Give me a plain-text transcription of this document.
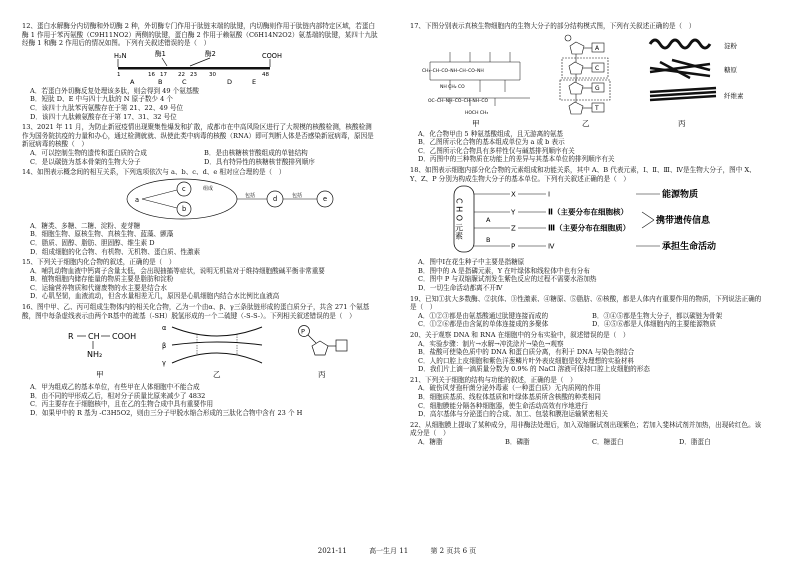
12、蛋白水解酶分内切酶和外切酶 2 种，外切酶专门作用于肽链末端的肽键，内切酶则作用于肽链内部特定区域，若蛋白酶 1 作用于苯丙氨酸（C9H11NO2）两侧的肽键，蛋白酶 2 作用于赖氨酸（C6H14N2O2）氨基端的肽键，某四十九肽经酶 1 和酶 2 作用后的情况如图。下列有关叙述错误的是（　）
H₂N	COOH
酶1	酶2
1	16 17 22 23 30	48
A	B	C	D	E
A．若蛋白外切酶反复处理该多肽，则会得到 49 个氨基酸
B．短肽 D、E 中与四十九肽的 N 原子数少 4 个
C．该四十九肽苯丙氨酸存在于第 21、22、49 号位
D．该四十九肽赖氨酸存在于第 17、31、32 号位
13、2021 年 11 月，为防止新冠疫情出现聚集性爆发和扩散，成都市在中高风险区进行了大规模的核酸检测，核酸检测作为国务院抗疫的力量和办心，通过检测就就、纵使此类中病毒的核酸（RNA）即可判断人体是否感染新冠病毒，原因是新冠病毒的核酸（　）
A．可以控制生物的遗传和蛋白质的合成	B．是由核糖核苷酸组成的单链结构
C．是以碳链为基本骨架的生物大分子	D．具有特异性的核糖核苷酸排列顺序
14、如图表示概念间的相互关系，下列选项依次与 a、b、c、d、e 相对应合理的是（　）
a
c
b
包括	d	包括	e
组成
A．糖类、多糖、二糖、淀粉、麦芽糖
B．细胞生物、原核生物、真核生物、蓝藻、颤藻
C．脂质、固醇、脂肪、胆固醇、维生素 D
D．组成细胞的化合物、有机物、无机物、蛋白质、性激素
15、下列关于细胞内化合物的叙述，正确的是（　）
A．哺乳动物血液中钙离子含量太低，会出现抽搐等症状，说明无机盐对于维持细胞酸碱平衡非常重要
B．植物细胞内储存能量的物质主要是脂肪和淀粉
C．运输营养物质和代谢废物的水主要是结合水
D．心肌坚韧，血液流动，但含水量相差无几，原因是心肌细胞内结合水比例比血液高
16、图中甲、乙、丙可组成生物体内的相关化合物，乙为一个由α、β、γ三条肽链形成的蛋白质分子，共含 271 个氨基酸，图中每条虚线表示由两个R基中的巯基（-SH）脱氢形成的一个二硫键（-S-S-）。下列相关叙述错误的是（　）
R CH COOH
NH₂
甲
α
β
γ
乙
P
丙
A．甲为组成乙的基本单位，有些甲在人体细胞中不能合成
B．由不同的甲形成乙后，相对分子质量比原来减少了 4832
C．丙主要存在于细胞核中，且在乙的生物合成中具有重要作用
D．如果甲中的 R 基为 -C3H5O2，则由三分子甲脱水缩合形成的三肽化合物中含有 23 个 H
17、下图分别表示真核生物细胞内的生物大分子的部分结构模式图，下列有关叙述正确的是（　）
CH₃–CH–CO–NH–CH–CO–NH
NH CH₂ CO
OC–CH–NH–CO–CH–NH–CO
HOCH CH₃
甲
A
C
G
T
乙
淀粉
糖原
纤维素
丙
A．化合物甲由 5 种氨基酸组成，且无游离的氨基
B．乙图所示化合物的基本组成单位为 a 或 b 表示
C．乙图所示化合物具有多样性仅与碱基排列顺序有关
D．丙图中的三种物质在功能上的差异与其基本单位的排列顺序有关
18、如图表示细胞内部分化合物的元素组成和功能关系，其中 A、B 代表元素，Ⅰ、Ⅱ、Ⅲ、Ⅳ是生物大分子，图中 X、Y、Z、P 分别为构成生物大分子的基本单位。下列有关叙述正确的是（　）
C H O 元素
X
Y
Z
P
A
B
Ⅰ
Ⅱ（主要分布在细胞核）
Ⅲ（主要分布在细胞质）
Ⅳ
能源物质
携带遗传信息
承担生命活动
A．图中Ⅰ在花生种子中主要是指糖原
B．图中的 A 是指磷元素，Y 在叶绿体和线粒体中也有分布
C．图中 P 与双缩脲试剂发生紫色反应的过程不需要水浴加热
D．一切生命活动都离不开Ⅳ
19、已知①抗大多数酶、②抗体、③性激素、④糖原、⑤脂肪、⑥核酸，都是人体内有重要作用的物质，下列说法正确的是（　）
A．①②③都是由氨基酸通过肽键连接而成的	B．③④⑤都是生物大分子，都以碳链为骨架
C．①②⑥都是由含氮的单体连接成的多聚体	D．④⑤⑥都是人体细胞内的主要能源物质
20、关于观察 DNA 和 RNA 在细胞中的分布实验中，叙述错误的是（　）
A．实验步骤：制片→水解→冲洗涂片→染色→观察
B．盐酸可使染色质中的 DNA 和蛋白质分离，有利于 DNA 与染色剂结合
C．人的口腔上皮细胞和紫色洋葱鳞片叶外表皮细胞是较为理想的实验材料
D．我们片上滴一滴质量分数为 0.9% 的 NaCl 溶液可保持口腔上皮细胞的形态
21、下列关于细胞的结构与功能的叙述，正确的是（　）
A．破伤风芽孢杆菌分泌外毒素（一种蛋白质）无内质网的作用
B．细胞质基质、线粒体基质和叶绿体基质所含核酸的种类相同
C．细胞膜能分隔各种细胞器，使生命活动高效有序地进行
D．高尔基体与分泌蛋白的合成、加工、包装和膜泡运输紧密相关
22、从细胞膜上提取了某种成分，用非酶法处理后，加入双缩脲试剂出现紫色；若加入斐林试剂并加热，出现砖红色。该成分是（　）
A．糖脂	B．磷脂	C．糖蛋白	D．脂蛋白
2021-11	高一生月 11	第 2 页共 6 页
